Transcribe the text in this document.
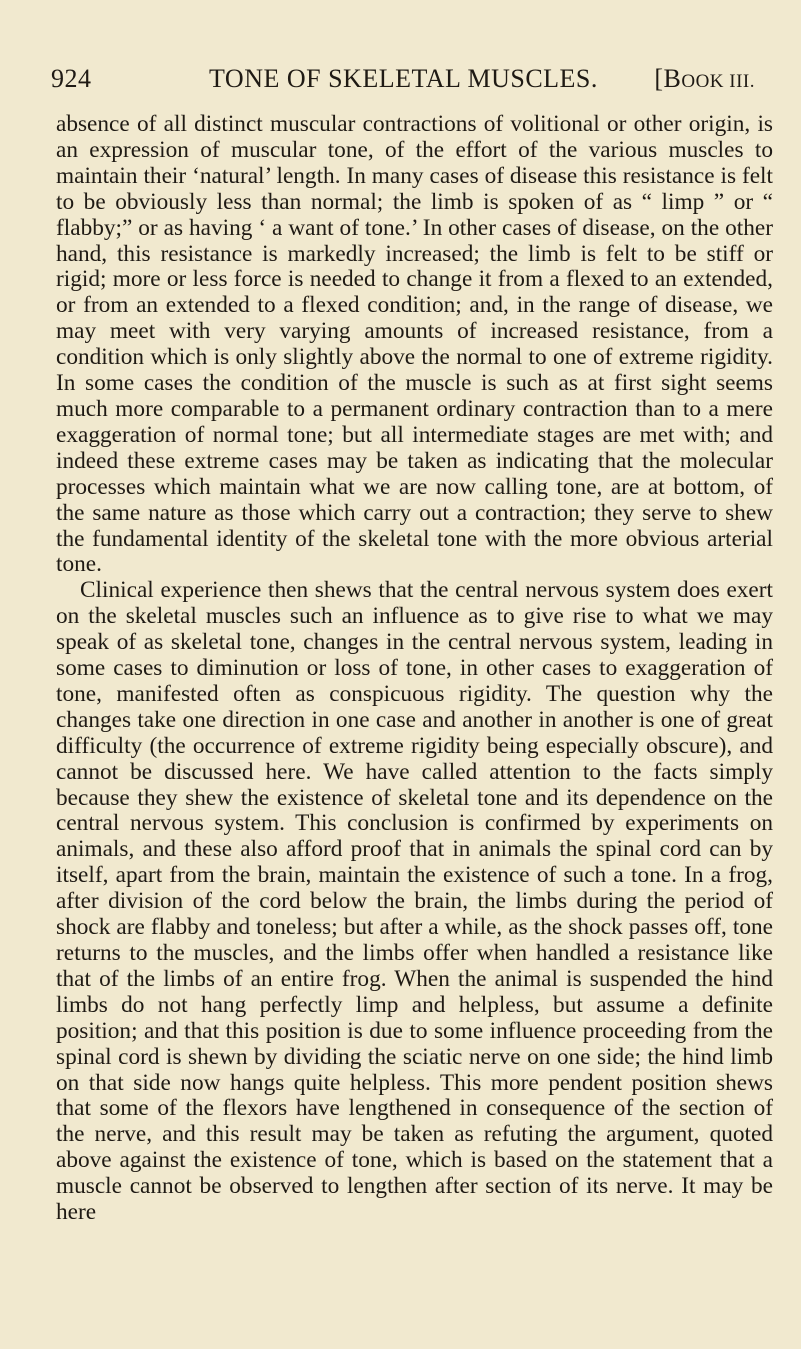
924	TONE OF SKELETAL MUSCLES. [BOOK III.

absence of all distinct muscular contractions of volitional or other origin, is an expression of muscular tone, of the effort of the various muscles to maintain their ‘natural’ length. In many cases of disease this resistance is felt to be obviously less than normal; the limb is spoken of as “ limp ” or “ flabby;” or as having ‘ a want of tone.’ In other cases of disease, on the other hand, this resistance is markedly increased; the limb is felt to be stiff or rigid; more or less force is needed to change it from a flexed to an extended, or from an extended to a flexed condition; and, in the range of disease, we may meet with very varying amounts of increased resistance, from a condition which is only slightly above the normal to one of extreme rigidity. In some cases the condition of the muscle is such as at first sight seems much more comparable to a permanent ordinary contraction than to a mere exaggeration of normal tone; but all intermediate stages are met with; and indeed these extreme cases may be taken as indicating that the molecular processes which maintain what we are now calling tone, are at bottom, of the same nature as those which carry out a contraction; they serve to shew the fundamental identity of the skeletal tone with the more obvious arterial tone.

Clinical experience then shews that the central nervous system does exert on the skeletal muscles such an influence as to give rise to what we may speak of as skeletal tone, changes in the central nervous system, leading in some cases to diminution or loss of tone, in other cases to exaggeration of tone, manifested often as conspicuous rigidity. The question why the changes take one direction in one case and another in another is one of great difficulty (the occurrence of extreme rigidity being especially obscure), and cannot be discussed here. We have called attention to the facts simply because they shew the existence of skeletal tone and its dependence on the central nervous system. This conclusion is confirmed by experiments on animals, and these also afford proof that in animals the spinal cord can by itself, apart from the brain, maintain the existence of such a tone. In a frog, after division of the cord below the brain, the limbs during the period of shock are flabby and toneless; but after a while, as the shock passes off, tone returns to the muscles, and the limbs offer when handled a resistance like that of the limbs of an entire frog. When the animal is suspended the hind limbs do not hang perfectly limp and helpless, but assume a definite position; and that this position is due to some influence proceeding from the spinal cord is shewn by dividing the sciatic nerve on one side; the hind limb on that side now hangs quite helpless. This more pendent position shews that some of the flexors have lengthened in consequence of the section of the nerve, and this result may be taken as refuting the argument, quoted above against the existence of tone, which is based on the statement that a muscle cannot be observed to lengthen after section of its nerve. It may be here
